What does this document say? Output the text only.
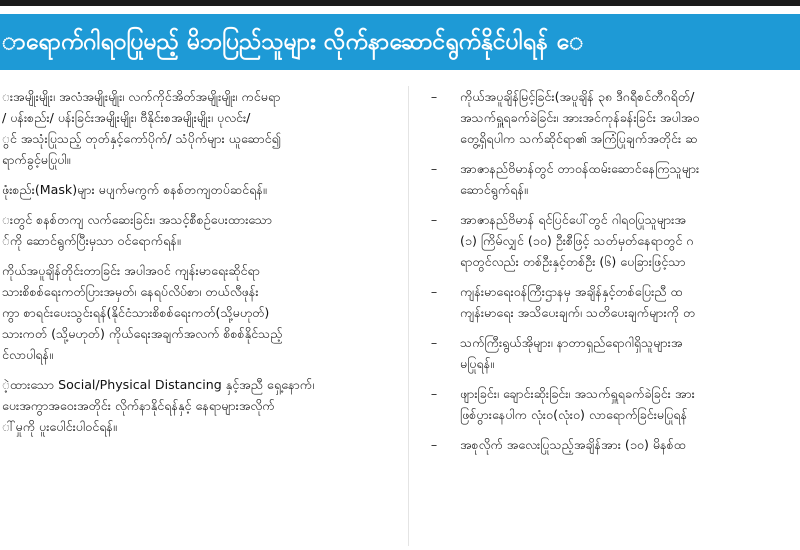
ာရောက်ဂါရဝပြုမည့် မိဘပြည်သူများ လိုက်နာဆောင်ရွက်နိုင်ပါရန် ေ
းအမျိုးမျိုး၊ အလံအမျိုးမျိုး၊ လက်ကိုင်အိတ်အမျိုးမျိုး၊ ကင်မရာ
/ ပန်းစည်း/ ပန်းခြင်းအမျိုးမျိုး၊ ဗီနိုင်းစအမျိုးမျိုး၊ ပုလင်း/
ွင် အသုံးပြုသည့် တုတ်နှင့်ကော်ပိုက်/ သံပိုက်များ ယူဆောင်၍
ရာက်ခွင့်မပြုပါ။
ဖုံးစည်း(Mask)များ မပျက်မကွက် စနစ်တကျတပ်ဆင်ရန်။
းတွင် စနစ်တကျ လက်ဆေးခြင်း၊ အသင့်စီစဉ်ပေးထားသော
်ကို ဆောင်ရွက်ပြီးမှသာ ဝင်ရောက်ရန်။
ကိုယ်အပူချိန်တိုင်းတာခြင်း အပါအဝင် ကျန်းမာရေးဆိုင်ရာ
သားစိစစ်ရေးကတ်ပြားအမှတ်၊ နေရပ်လိပ်စာ၊ တယ်လီဖုန်း
ကွာ စာရင်းပေးသွင်းရန်(နိုင်ငံသားစိစစ်ရေးကတ်(သို့မဟုတ်)
သားကတ် (သို့မဟုတ်) ကိုယ်ရေးအချက်အလက် စိစစ်နိုင်သည့်
င်လာပါရန်။
ဲ့ထားသော Social/Physical Distancing နှင့်အညီ ရှေ့နောက်၊
ပေးအကွာအဝေးအတိုင်း လိုက်နာနိုင်ရန်နှင့် နေရာများအလိုက်
ါ်မှုကို ပူးပေါင်းပါဝင်ရန်။
–	ကိုယ်အပူချိန်မြင့်ခြင်း(အပူချိန် ၃၈ ဒီဂရီစင်တီဂရိတ်/
အသက်ရှူရခက်ခဲခြင်း၊ အားအင်ကုန်ခန်းခြင်း အပါအဝ
တွေ့ရှိရပါက သက်ဆိုင်ရာ၏ အကြံပြုချက်အတိုင်း ဆ
–	အာဇာနည်ဗိမာန်တွင် တာဝန်ထမ်းဆောင်နေကြသူများ
ဆောင်ရွက်ရန်။
–	အာဇာနည်ဗိမာန် ရင်ပြင်ပေါ်တွင် ဂါရဝပြုသူများအ
(၁) ကြိမ်လျှင် (၁၀) ဦးစီဖြင့် သတ်မှတ်နေရာတွင် ဂ
ရာတွင်လည်း တစ်ဦးနှင့်တစ်ဦး (၆) ပေခြားဖြင့်သာ
–	ကျန်းမာရေးဝန်ကြီးဌာနမှ အချိန်နှင့်တစ်ပြေးညီ ထ
ကျန်းမာရေး အသိပေးချက်၊ သတိပေးချက်များကို တ
–	သက်ကြီးရွယ်အိုများ၊ နာတာရှည်ရောဂါရှိသူများအ
မပြုရန်။
–	ဖျားခြင်း၊ ချောင်းဆိုးခြင်း၊ အသက်ရှူရခက်ခဲခြင်း အား
ဖြစ်ပွားနေပါက လုံးဝ(လုံးဝ) လာရောက်ခြင်းမပြုရန်
–	အစုလိုက် အလေးပြုသည့်အချိန်အား (၁၀) မိနစ်ထ
